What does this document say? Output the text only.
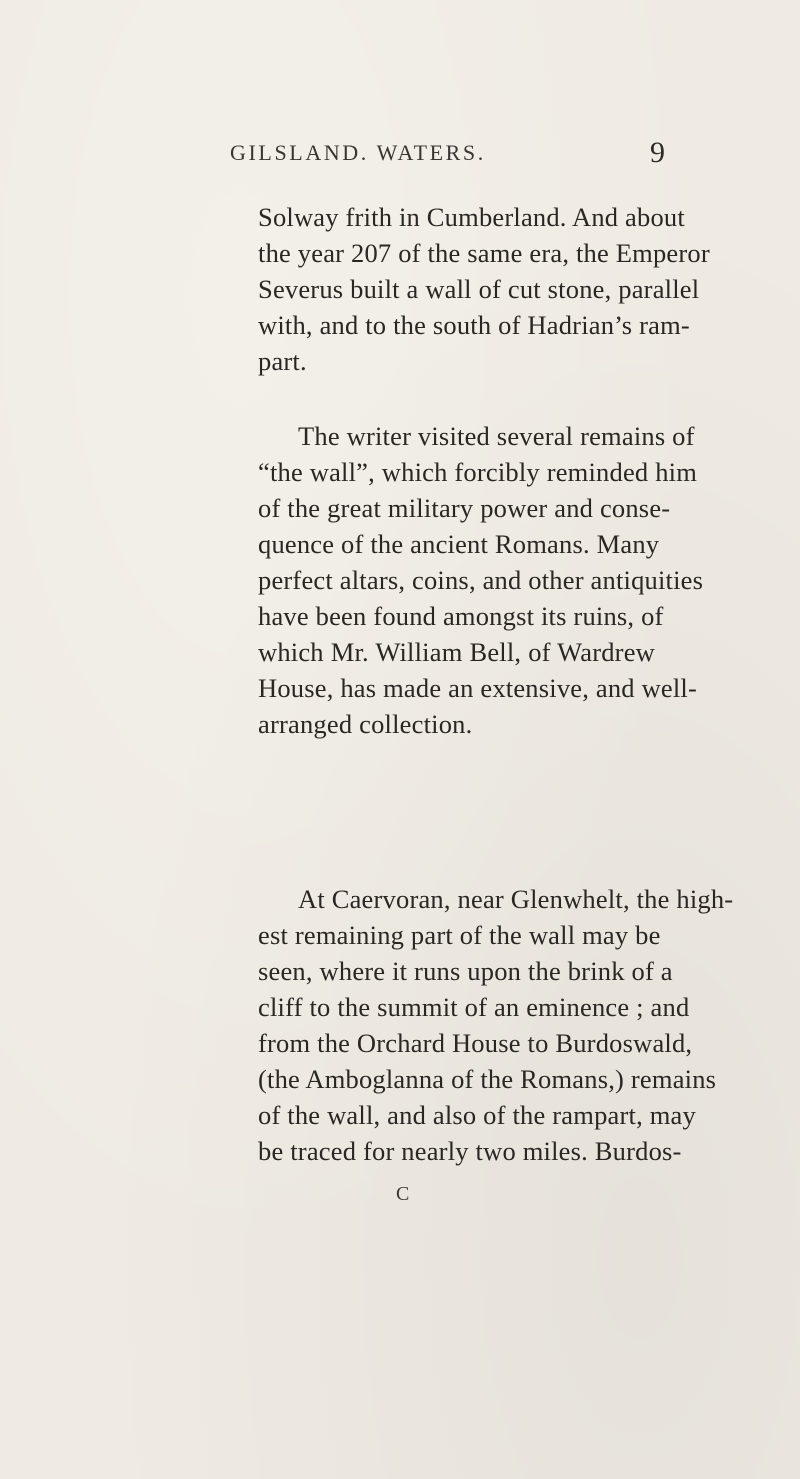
GILSLAND. WATERS.	9
Solway frith in Cumberland. And about
the year 207 of the same era, the Emperor
Severus built a wall of cut stone, parallel
with, and to the south of Hadrian’s ram-
part.
The writer visited several remains of
“the wall”, which forcibly reminded him
of the great military power and conse-
quence of the ancient Romans. Many
perfect altars, coins, and other antiquities
have been found amongst its ruins, of
which Mr. William Bell, of Wardrew
House, has made an extensive, and well-
arranged collection.
At Caervoran, near Glenwhelt, the high-
est remaining part of the wall may be
seen, where it runs upon the brink of a
cliff to the summit of an eminence ; and
from the Orchard House to Burdoswald,
(the Amboglanna of the Romans,) remains
of the wall, and also of the rampart, may
be traced for nearly two miles. Burdos-
C
